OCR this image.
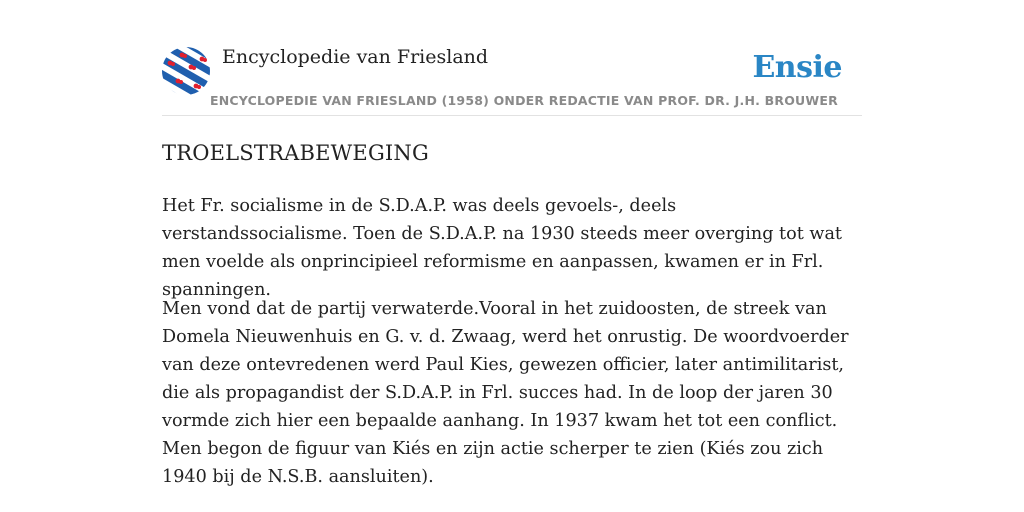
Encyclopedie van Friesland	Ensie
ENCYCLOPEDIE VAN FRIESLAND (1958) ONDER REDACTIE VAN PROF. DR. J.H. BROUWER
TROELSTRABEWEGING

Het Fr. socialisme in de S.D.A.P. was deels gevoels-, deels verstandssocialisme. Toen de S.D.A.P. na 1930 steeds meer overging tot wat men voelde als onprincipieel reformisme en aanpassen, kwamen er in Frl. spanningen.

Men vond dat de partij verwaterde.Vooral in het zuidoosten, de streek van Domela Nieuwenhuis en G. v. d. Zwaag, werd het onrustig. De woordvoerder van deze ontevredenen werd Paul Kies, gewezen officier, later antimilitarist, die als propagandist der S.D.A.P. in Frl. succes had. In de loop der jaren 30 vormde zich hier een bepaalde aanhang. In 1937 kwam het tot een conflict. Men begon de figuur van Kiés en zijn actie scherper te zien (Kiés zou zich 1940 bij de N.S.B. aansluiten).
